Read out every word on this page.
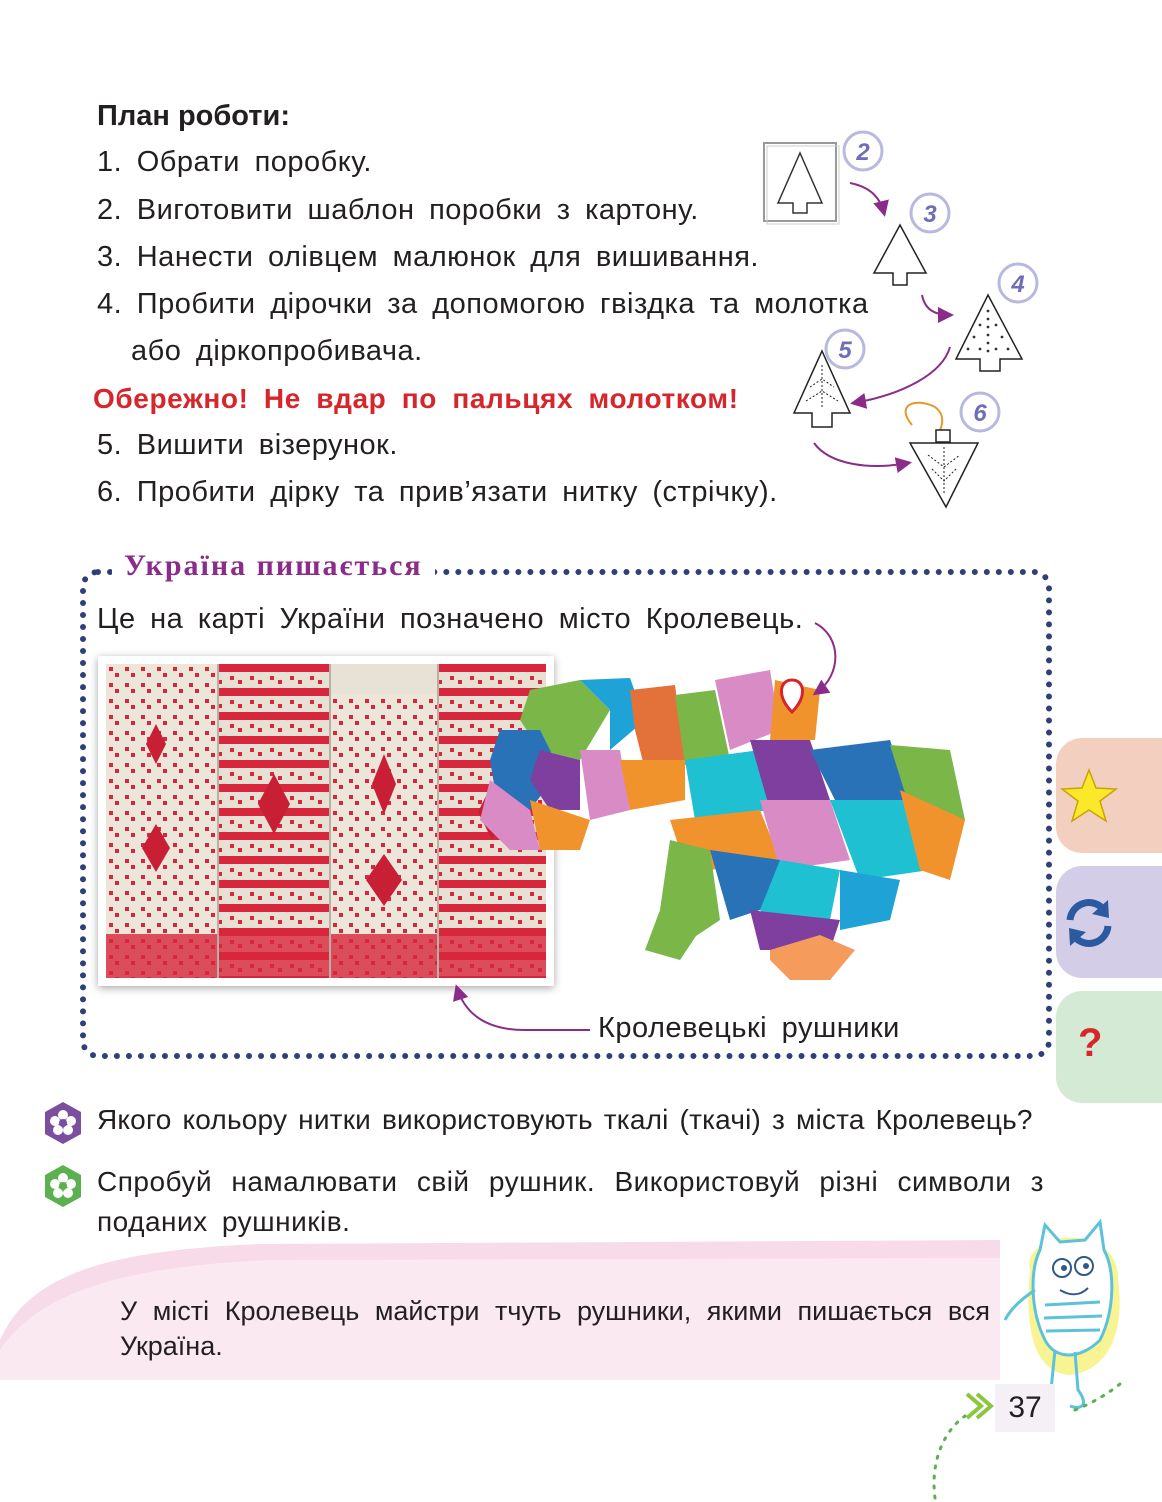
План роботи:
1. Обрати поробку.
2. Виготовити шаблон поробки з картону.
3. Нанести олівцем малюнок для вишивання.
4. Пробити дірочки за допомогою гвіздка та молотка
або діркопробивача.
Обережно! Не вдар по пальцях молотком!
5. Вишити візерунок.
6. Пробити дірку та прив’язати нитку (стрічку).
2
3
4
5
6
Україна пишається
Це на карті України позначено місто Кролевець.
Кролевецькі рушники
Якого кольору нитки використовують ткалі (ткачі) з міста Кролевець?
Спробуй намалювати свій рушник. Використовуй різні символи з
поданих рушників.
У місті Кролевець майстри тчуть рушники, якими пишається вся Україна.
37
?
